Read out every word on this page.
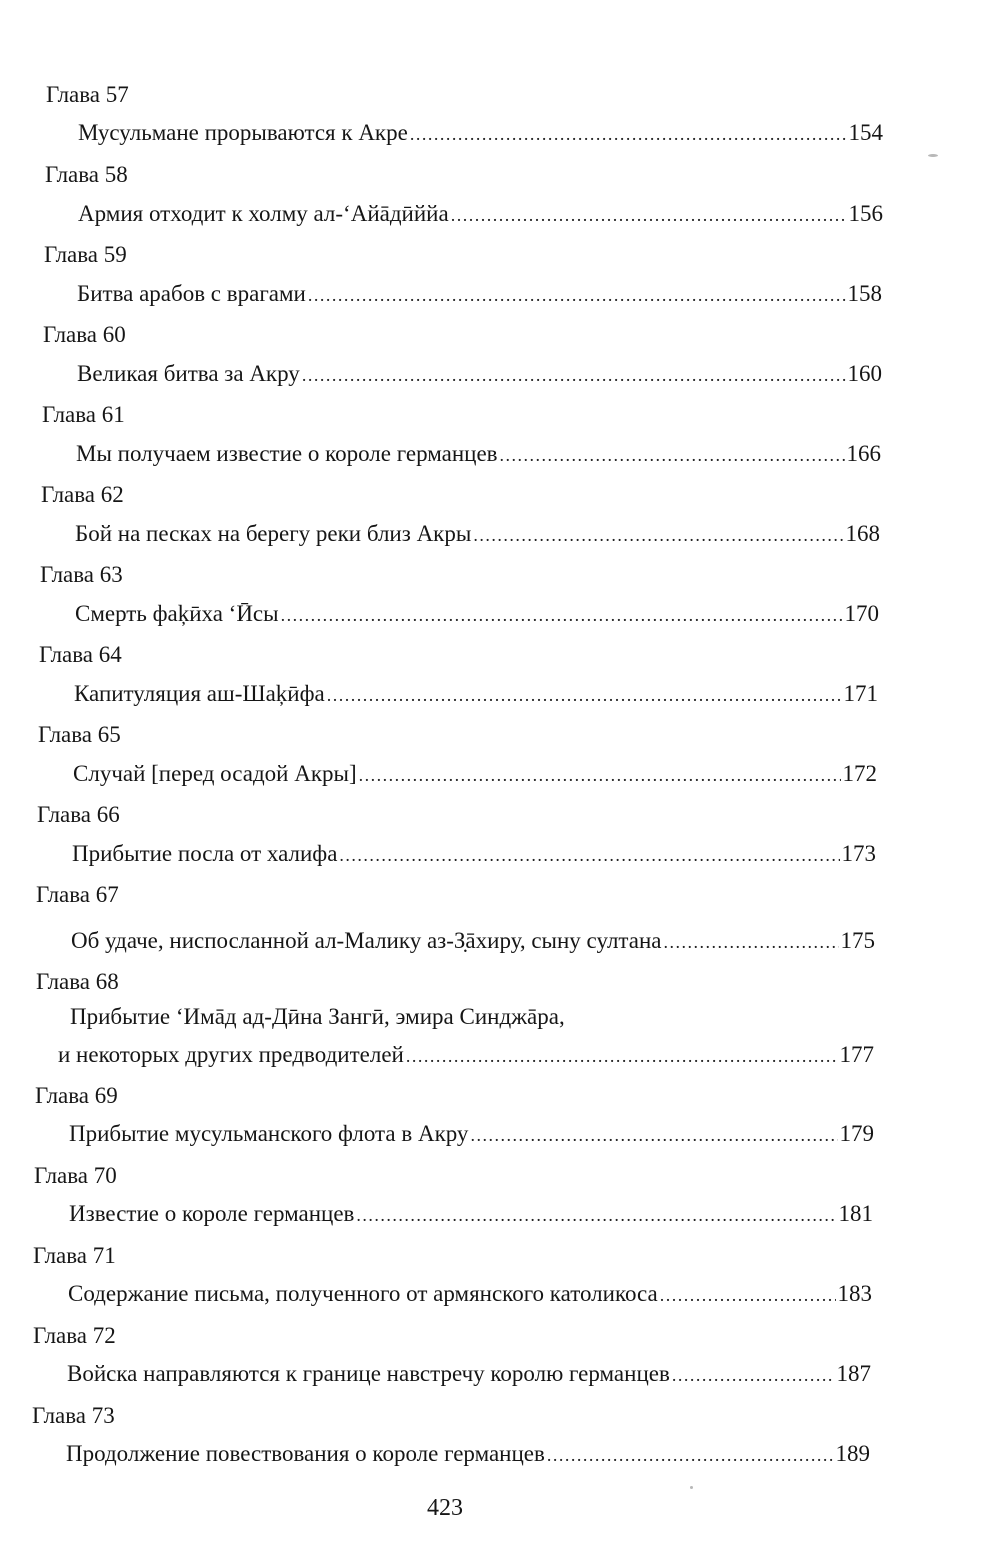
Глава 57
Мусульмане прорываются к Акре .....	154
Глава 58
Армия отходит к холму ал-‘Айāдӣййа .....	156
Глава 59
Битва арабов с врагами .....	158
Глава 60
Великая битва за Акру .....	160
Глава 61
Мы получаем известие о короле германцев .....	166
Глава 62
Бой на песках на берегу реки близ Акры .....	168
Глава 63
Смерть фаķӣха ‘Ӣсы .....	170
Глава 64
Капитуляция аш-Шаķӣфа .....	171
Глава 65
Случай [перед осадой Акры] .....	172
Глава 66
Прибытие посла от халифа .....	173
Глава 67
Об удаче, ниспосланной ал-Малику аз-З̣āхиру, сыну султана .....	175
Глава 68
Прибытие ‘Имāд ад-Дӣна Зангӣ, эмира Синджāра,
и некоторых других предводителей .....	177
Глава 69
Прибытие мусульманского флота в Акру .....	179
Глава 70
Известие о короле германцев .....	181
Глава 71
Содержание письма, полученного от армянского католикоса .....	183
Глава 72
Войска направляются к границе навстречу королю германцев .....	187
Глава 73
Продолжение повествования о короле германцев .....	189
423
